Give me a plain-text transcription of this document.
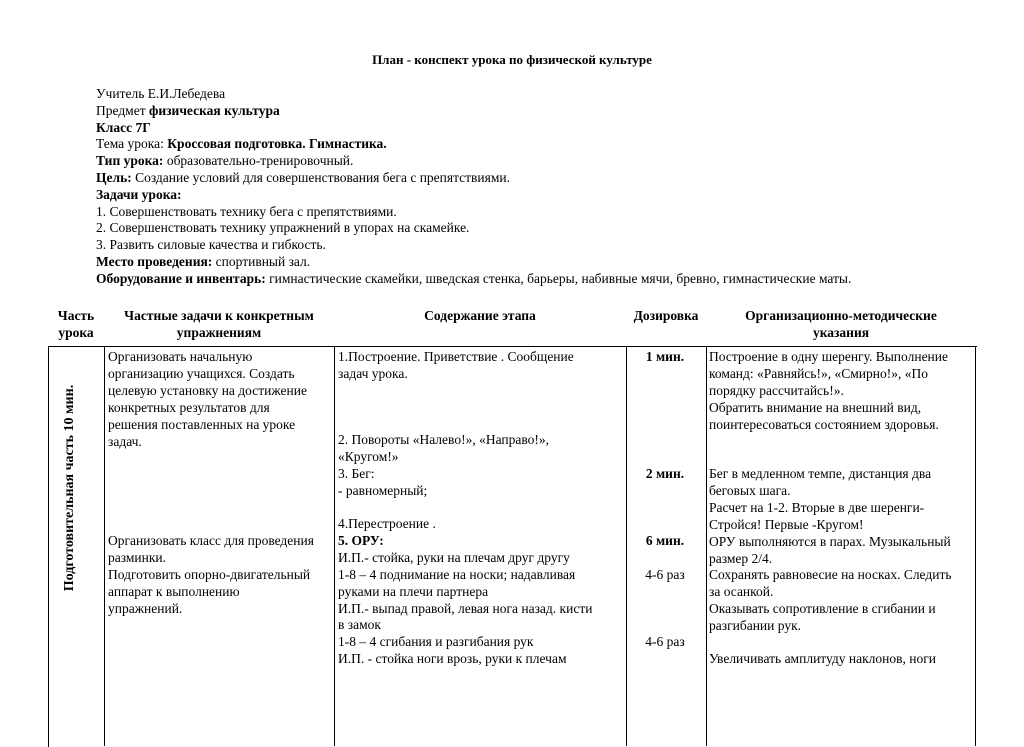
План - конспект урока по физической культуре
Учитель Е.И.Лебедева
Предмет физическая культура
Класс 7Г
Тема урока: Кроссовая подготовка. Гимнастика.
Тип урока: образовательно-тренировочный.
Цель: Создание условий для совершенствования бега с препятствиями.
Задачи урока:
1. Совершенствовать технику бега с препятствиями.
2. Совершенствовать технику упражнений в упорах на скамейке.
3. Развить силовые качества и гибкость.
Место проведения: спортивный зал.
Оборудование и инвентарь: гимнастические скамейки, шведская стенка, барьеры, набивные мячи, бревно, гимнастические маты.
Часть
урока
Частные задачи к конкретным
упражнениям
Содержание этапа	Дозировка	Организационно-методические
указания
Подготовительная часть 10 мин.
Организовать начальную
организацию учащихся. Создать
целевую установку на достижение
конкретных результатов для
решения поставленных на уроке
задач.
Организовать класс для проведения
разминки.
Подготовить опорно-двигательный
аппарат к выполнению
упражнений.
1.Построение. Приветствие . Сообщение
задач урока.
2. Повороты «Налево!», «Направо!»,
«Кругом!»
3. Бег:
- равномерный;
4.Перестроение .
5. ОРУ:
И.П.- стойка, руки на плечам друг другу
1-8 – 4 поднимание на носки; надавливая
руками на плечи партнера
И.П.- выпад правой, левая нога назад. кисти
в замок
1-8 – 4 сгибания и разгибания рук
И.П. - стойка ноги врозь, руки к плечам
1 мин.
2 мин.
6 мин.
4-6 раз
4-6 раз
Построение в одну шеренгу. Выполнение
команд: «Равняйсь!», «Смирно!», «По
порядку рассчитайсь!».
Обратить внимание на внешний вид,
поинтересоваться состоянием здоровья.
Бег в медленном темпе, дистанция два
беговых шага.
Расчет на 1-2. Вторые в две шеренги-
Стройся! Первые -Кругом!
ОРУ выполняются в парах. Музыкальный
размер 2/4.
Сохранять равновесие на носках. Следить
за осанкой.
Оказывать сопротивление в сгибании и
разгибании рук.
Увеличивать амплитуду наклонов, ноги
